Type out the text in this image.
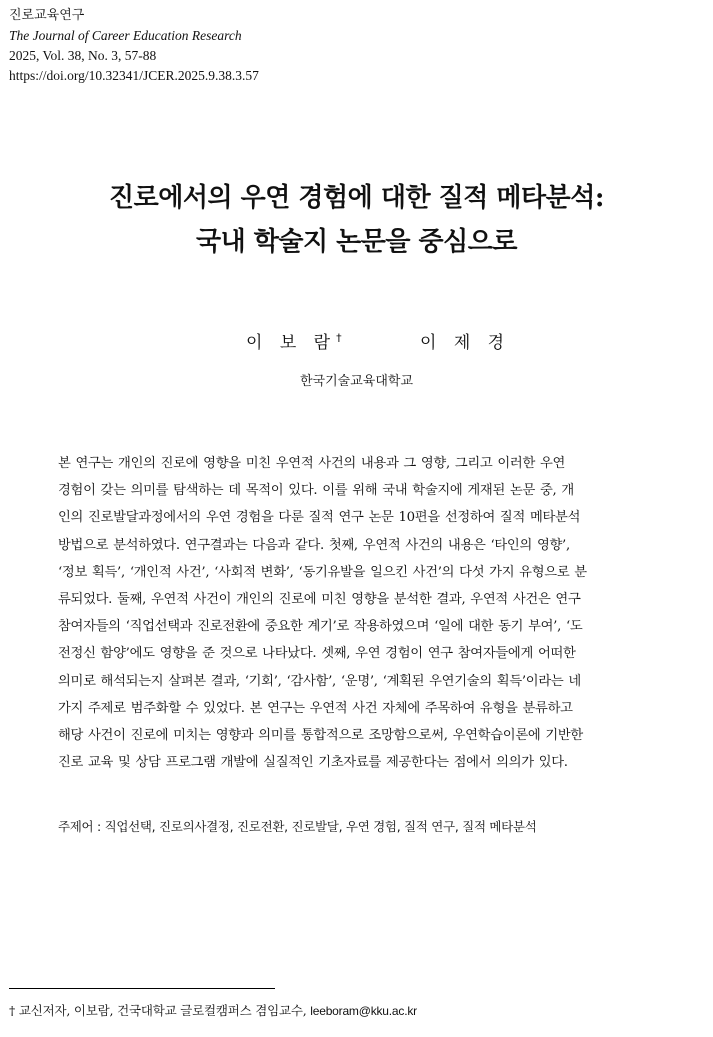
진로교육연구
The Journal of Career Education Research
2025, Vol. 38, No. 3, 57-88
https://doi.org/10.32341/JCER.2025.9.38.3.57
진로에서의 우연 경험에 대한 질적 메타분석:
국내 학술지 논문을 중심으로
이 보 람†	이 제 경
한국기술교육대학교
본 연구는 개인의 진로에 영향을 미친 우연적 사건의 내용과 그 영향, 그리고 이러한 우연
경험이 갖는 의미를 탐색하는 데 목적이 있다. 이를 위해 국내 학술지에 게재된 논문 중, 개
인의 진로발달과정에서의 우연 경험을 다룬 질적 연구 논문 10편을 선정하여 질적 메타분석
방법으로 분석하였다. 연구결과는 다음과 같다. 첫째, 우연적 사건의 내용은 ‘타인의 영향’,
‘정보 획득’, ‘개인적 사건’, ‘사회적 변화’, ‘동기유발을 일으킨 사건’의 다섯 가지 유형으로 분
류되었다. 둘째, 우연적 사건이 개인의 진로에 미친 영향을 분석한 결과, 우연적 사건은 연구
참여자들의 ‘직업선택과 진로전환에 중요한 계기’로 작용하였으며 ‘일에 대한 동기 부여’, ‘도
전정신 함양’에도 영향을 준 것으로 나타났다. 셋째, 우연 경험이 연구 참여자들에게 어떠한
의미로 해석되는지 살펴본 결과, ‘기회’, ‘감사함’, ‘운명’, ‘계획된 우연기술의 획득’이라는 네
가지 주제로 범주화할 수 있었다. 본 연구는 우연적 사건 자체에 주목하여 유형을 분류하고
해당 사건이 진로에 미치는 영향과 의미를 통합적으로 조망함으로써, 우연학습이론에 기반한
진로 교육 및 상담 프로그램 개발에 실질적인 기초자료를 제공한다는 점에서 의의가 있다.
주제어 : 직업선택, 진로의사결정, 진로전환, 진로발달, 우연 경험, 질적 연구, 질적 메타분석
† 교신저자, 이보람, 건국대학교 글로컬캠퍼스 겸임교수, leeboram@kku.ac.kr
